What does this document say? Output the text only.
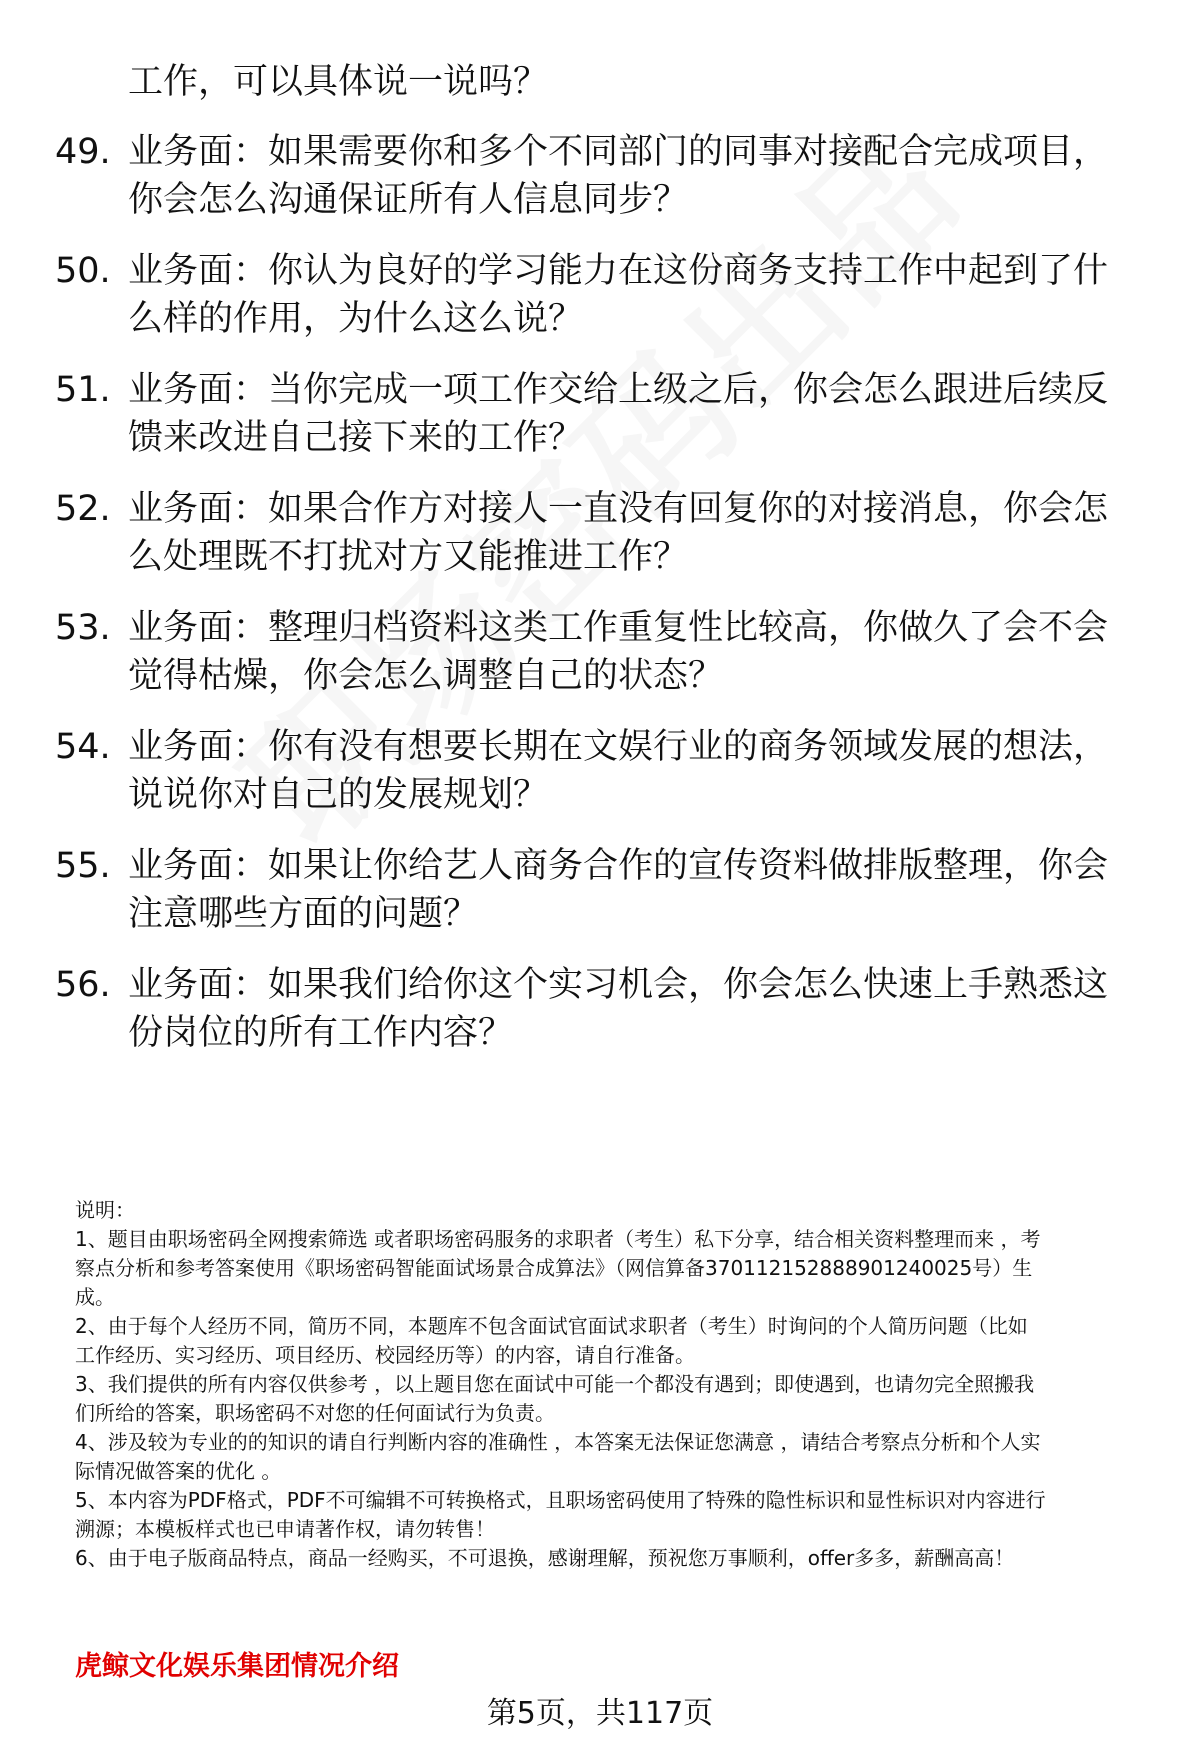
工作，可以具体说一说吗？
49. 业务面：如果需要你和多个不同部门的同事对接配合完成项目，
你会怎么沟通保证所有人信息同步？
50. 业务面：你认为良好的学习能力在这份商务支持工作中起到了什
么样的作用，为什么这么说？
51. 业务面：当你完成一项工作交给上级之后，你会怎么跟进后续反
馈来改进自己接下来的工作？
52. 业务面：如果合作方对接人一直没有回复你的对接消息，你会怎
么处理既不打扰对方又能推进工作？
53. 业务面：整理归档资料这类工作重复性比较高，你做久了会不会
觉得枯燥，你会怎么调整自己的状态？
54. 业务面：你有没有想要长期在文娱行业的商务领域发展的想法，
说说你对自己的发展规划？
55. 业务面：如果让你给艺人商务合作的宣传资料做排版整理，你会
注意哪些方面的问题？
56. 业务面：如果我们给你这个实习机会，你会怎么快速上手熟悉这
份岗位的所有工作内容？
说明：
1、题目由职场密码全网搜索筛选 或者职场密码服务的求职者（考生）私下分享，结合相关资料整理而来 ，考
察点分析和参考答案使用《职场密码智能面试场景合成算法》（网信算备370112152888901240025号）生
成。
2、由于每个人经历不同，简历不同，本题库不包含面试官面试求职者（考生）时询问的个人简历问题（比如
工作经历、实习经历、项目经历、校园经历等）的内容，请自行准备。
3、我们提供的所有内容仅供参考 ，以上题目您在面试中可能一个都没有遇到；即使遇到，也请勿完全照搬我
们所给的答案，职场密码不对您的任何面试行为负责。
4、涉及较为专业的的知识的请自行判断内容的准确性 ，本答案无法保证您满意 ，请结合考察点分析和个人实
际情况做答案的优化 。
5、本内容为PDF格式，PDF不可编辑不可转换格式，且职场密码使用了特殊的隐性标识和显性标识对内容进行
溯源；本模板样式也已申请著作权，请勿转售！
6、由于电子版商品特点，商品一经购买，不可退换，感谢理解，预祝您万事顺利，offer多多，薪酬高高！
虎鲸文化娱乐集团情况介绍
第5页，共117页
